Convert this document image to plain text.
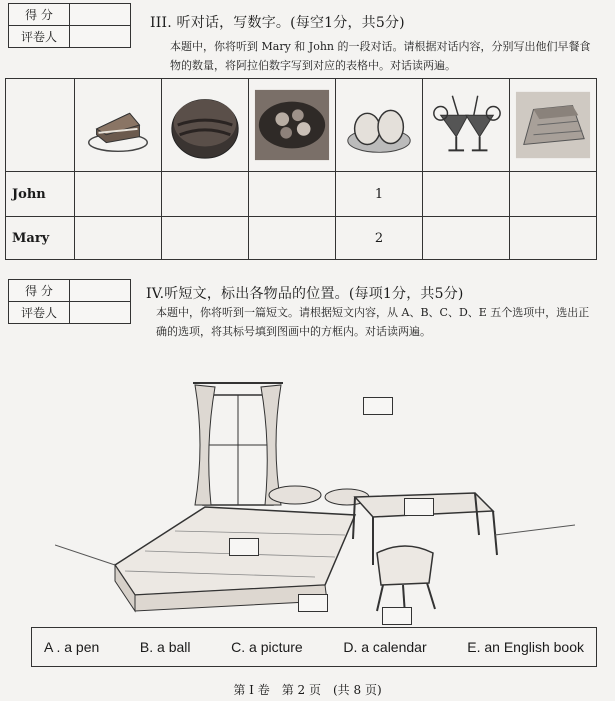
得 分	
评卷人	
III. 听对话，写数字。(每空1分，共5分)
本题中，你将听到 Mary 和 John 的一段对话。请根据对话内容，分别写出他们早餐食物的数量，将阿拉伯数字写到对应的表格中。对话读两遍。

John				1		
Mary				2		
得 分	
评卷人	
IV.听短文，标出各物品的位置。(每项1分，共5分)
本题中，你将听到一篇短文。请根据短文内容，从 A、B、C、D、E 五个选项中，选出正确的选项，将其标号填到图画中的方框内。对话读两遍。
A . a pen	B. a ball	C. a picture	D. a calendar	E. an English book
第 I 卷　第 2 页　(共 8 页)
